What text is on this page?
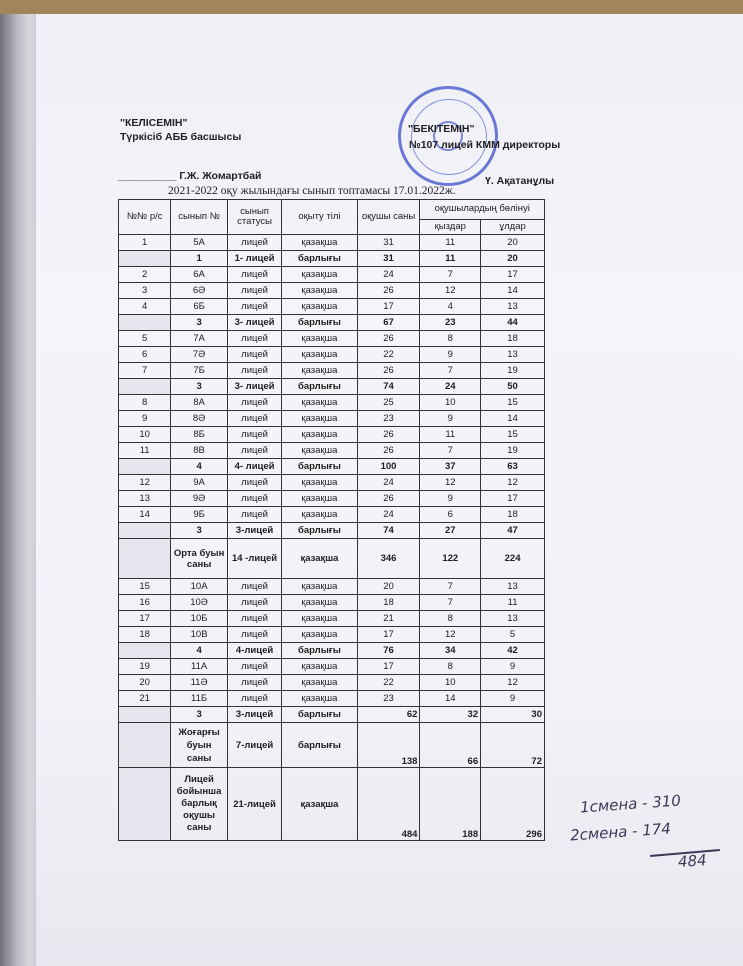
"КЕЛІСЕМІН"
Түркісіб АББ басшысы
__________ Г.Ж. Жомартбай
"БЕКІТЕМІН"
№107 лицей КММ директоры
Ү. Ақатанұлы
2021-2022 оқу жылындағы сынып топтамасы 17.01.2022ж.
№№ р/с	сынып №	сынып статусы	оқыту тілі	оқушы саны	оқушылардың бөлінуі	
					қыздар	ұлдар
1	5А	лицей	қазақша	31	11	20
	1	1- лицей	барлығы	31	11	20
2	6А	лицей	қазақша	24	7	17
3	6Ә	лицей	қазақша	26	12	14
4	6Б	лицей	қазақша	17	4	13
	3	3- лицей	барлығы	67	23	44
5	7А	лицей	қазақша	26	8	18
6	7Ә	лицей	қазақша	22	9	13
7	7Б	лицей	қазақша	26	7	19
	3	3- лицей	барлығы	74	24	50
8	8А	лицей	қазақша	25	10	15
9	8Ә	лицей	қазақша	23	9	14
10	8Б	лицей	қазақша	26	11	15
11	8В	лицей	қазақша	26	7	19
	4	4- лицей	барлығы	100	37	63
12	9А	лицей	қазақша	24	12	12
13	9Ә	лицей	қазақша	26	9	17
14	9Б	лицей	қазақша	24	6	18
	3	3-лицей	барлығы	74	27	47
	Орта буын саны	14 -лицей	қазақша	346	122	224
15	10А	лицей	қазақша	20	7	13
16	10Ә	лицей	қазақша	18	7	11
17	10Б	лицей	қазақша	21	8	13
18	10В	лицей	қазақша	17	12	5
	4	4-лицей	барлығы	76	34	42
19	11А	лицей	қазақша	17	8	9
20	11Ә	лицей	қазақша	22	10	12
21	11Б	лицей	қазақша	23	14	9
	3	3-лицей	барлығы	62	32	30
	Жоғарғы буын саны	7-лицей	барлығы	138	66	72
	Лицей бойынша барлық оқушы саны	21-лицей	қазақша	484	188	296
1смена - 310
2смена - 174
484
